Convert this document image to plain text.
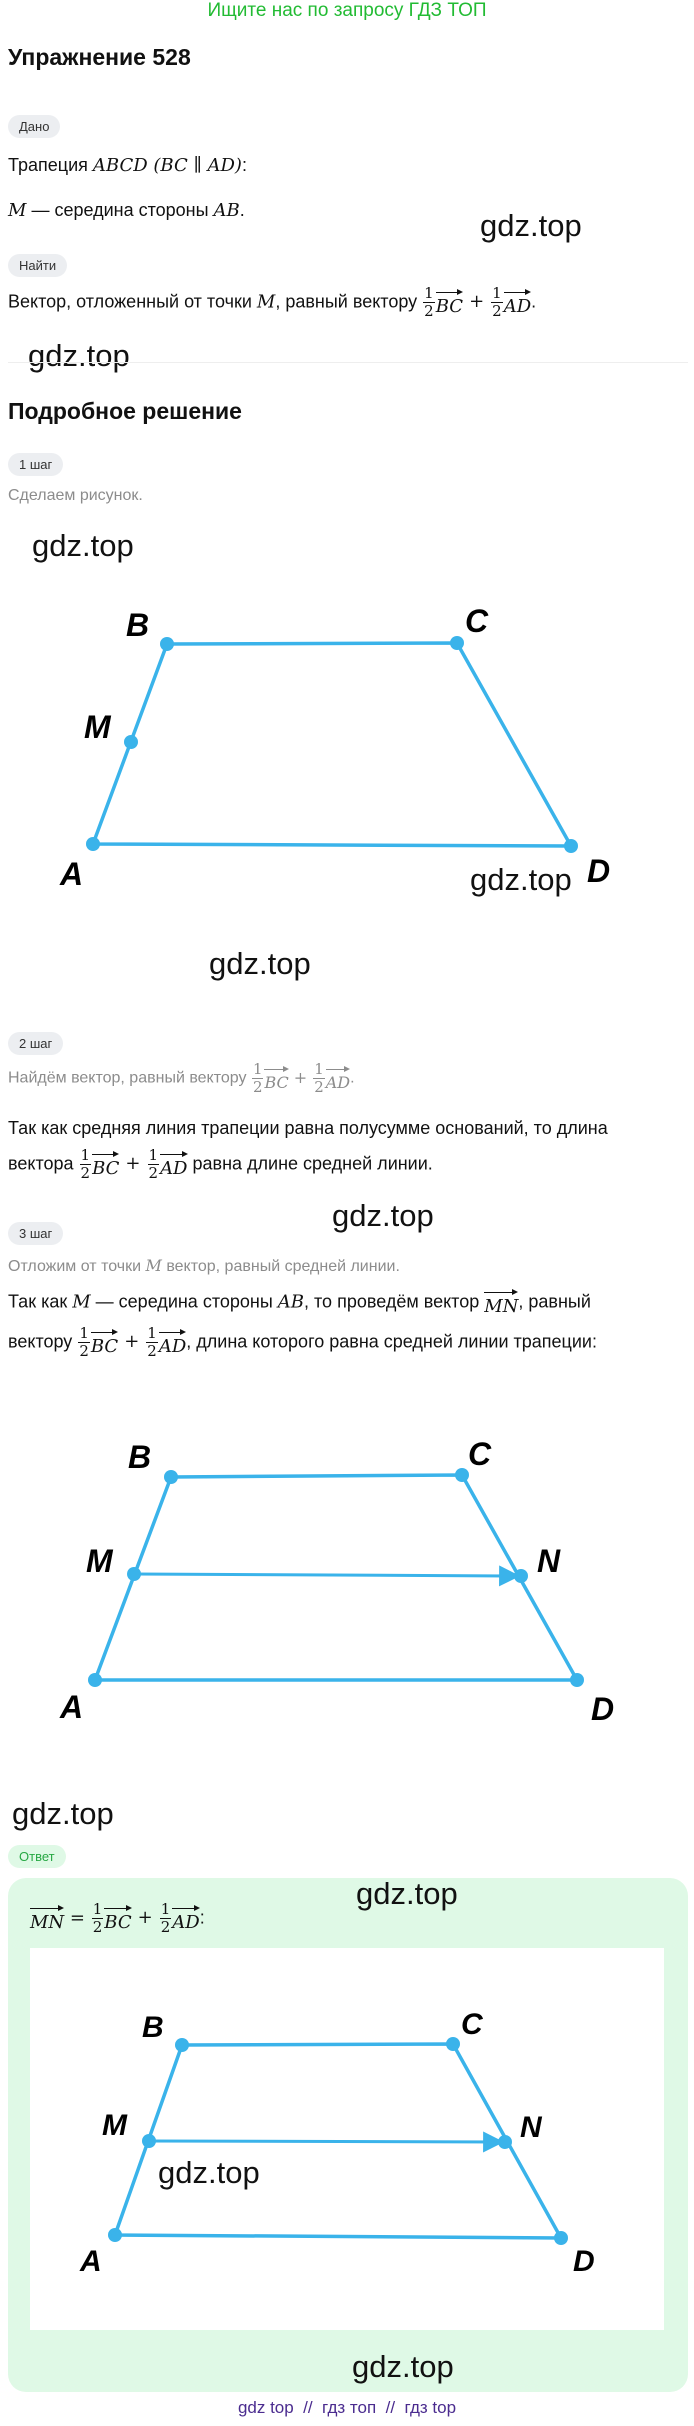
Ищите нас по запросу ГДЗ ТОП
Упражнение 528
Дано
Трапеция ABCD (BC ∥ AD):
M — середина стороны AB.	gdz.top
Найти
Вектор, отложенный от точки M, равный вектору $\frac{1}{2}$ BC + $\frac{1}{2}$ AD.
gdz.top
Подробное решение
1 шаг
Сделаем рисунок.
gdz.top
B	C
M
A	D
gdz.top
gdz.top
2 шаг
Найдём вектор, равный вектору $\frac{1}{2}$ BC + $\frac{1}{2}$ AD.
Так как средняя линия трапеции равна полусумме оснований, то длина
вектора $\frac{1}{2}$ BC + $\frac{1}{2}$ AD равна длине средней линии.
gdz.top
3 шаг
Отложим от точки M вектор, равный средней линии.
Так как M — середина стороны AB, то проведём вектор MN, равный
вектору $\frac{1}{2}$ BC + $\frac{1}{2}$ AD, длина которого равна средней линии трапеции:
B	C
M	N
A	D
gdz.top
Ответ
gdz.top
MN = $\frac{1}{2}$ BC + $\frac{1}{2}$ AD:
B	C
M	N
A	D
gdz.top
gdz.top
gdz top  //  гдз топ  //  гдз top
